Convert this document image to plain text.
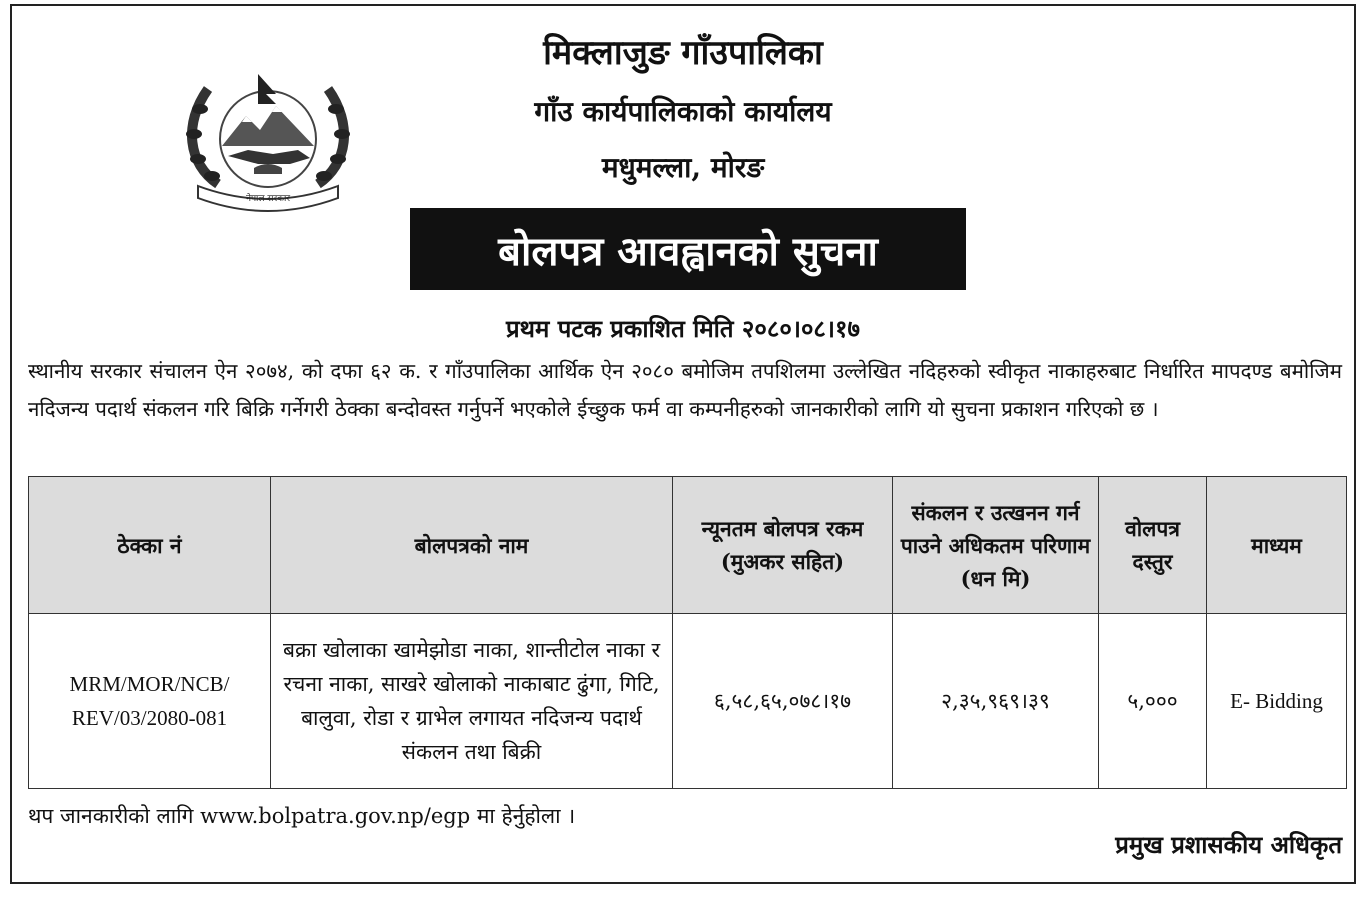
नेपाल सरकार
मिक्लाजुङ गाँउपालिका
गाँउ कार्यपालिकाको कार्यालय
मधुमल्ला, मोरङ
बोलपत्र आवह्वानको सुचना
प्रथम पटक प्रकाशित मिति २०८०।०८।१७
स्थानीय सरकार संचालन ऐन २०७४, को दफा ६२ क. र गाँउपालिका आर्थिक ऐन २०८० बमोजिम तपशिलमा उल्लेखित नदिहरुको स्वीकृत नाकाहरुबाट निर्धारित मापदण्ड बमोजिम नदिजन्य पदार्थ संकलन गरि बिक्रि गर्नेगरी ठेक्का बन्दोवस्त गर्नुपर्ने भएकोले ईच्छुक फर्म वा कम्पनीहरुको जानकारीको लागि यो सुचना प्रकाशन गरिएको छ ।
ठेक्का नं	बोलपत्रको नाम	न्यूनतम बोलपत्र रकम (मुअकर सहित)	संकलन र उत्खनन गर्न पाउने अधिकतम परिणाम (धन मि)	वोलपत्र दस्तुर	माध्यम
MRM/MOR/NCB/ REV/03/2080-081	बक्रा खोलाका खामेझोडा नाका, शान्तीटोल नाका र रचना नाका, साखरे खोलाको नाकाबाट ढुंगा, गिटि, बालुवा, रोडा र ग्राभेल लगायत नदिजन्य पदार्थ संकलन तथा बिक्री	६,५८,६५,०७८।१७	२,३५,९६९।३९	५,०००	E- Bidding
थप जानकारीको लागि www.bolpatra.gov.np/egp मा हेर्नुहोला ।
प्रमुख प्रशासकीय अधिकृत
